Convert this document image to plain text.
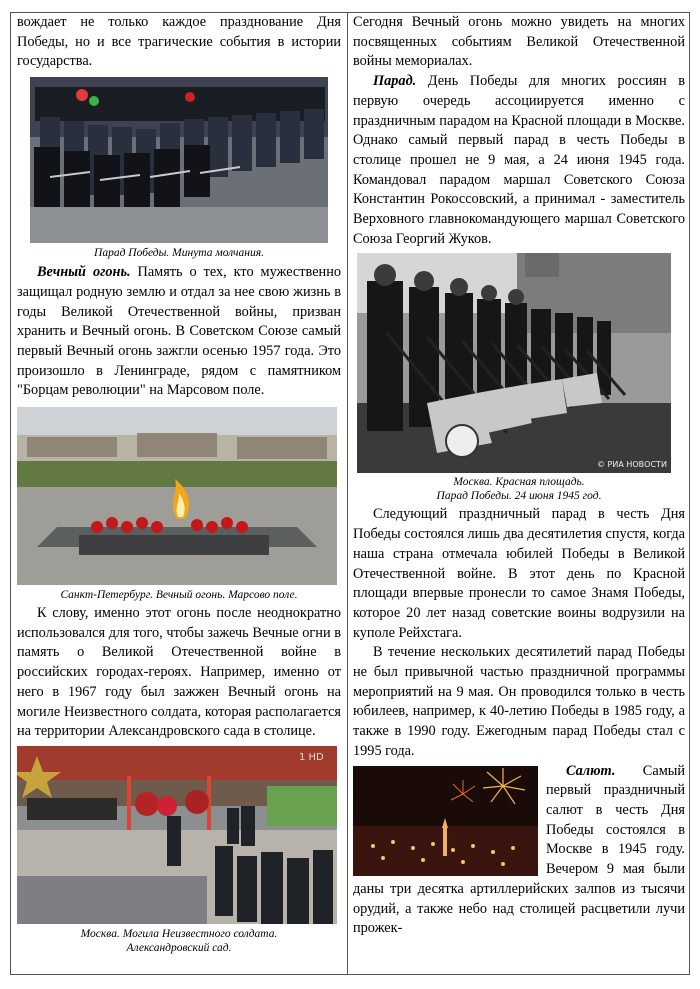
вождает не только каждое празднование Дня Победы, но и все трагические события в истории государства.

Парад Победы. Минута молчания.

Вечный огонь. Память о тех, кто мужественно защищал родную землю и отдал за нее свою жизнь в годы Великой Отечественной войны, призван хранить и Вечный огонь. В Советском Союзе самый первый Вечный огонь зажгли осенью 1957 года. Это произошло в Ленинграде, рядом с памятником "Борцам революции" на Марсовом поле.

Санкт-Петербург. Вечный огонь. Марсово поле.

К слову, именно этот огонь после неоднократно использовался для того, чтобы зажечь Вечные огни в память о Великой Отечественной войне в российских городах-героях. Например, именно от него в 1967 году был зажжен Вечный огонь на могиле Неизвестного солдата, которая располагается на территории Александровского сада в столице.

1 HD
Москва. Могила Неизвестного солдата.
Александровский сад.

Сегодня Вечный огонь можно увидеть на многих посвященных событиям Великой Отечественной войны мемориалах.

Парад. День Победы для многих россиян в первую очередь ассоциируется именно с праздничным парадом на Красной площади в Москве. Однако самый первый парад в честь Победы в столице прошел не 9 мая, а 24 июня 1945 года. Командовал парадом маршал Советского Союза Константин Рокоссовский, а принимал - заместитель Верховного главнокомандующего маршал Советского Союза Георгий Жуков.

© РИА НОВОСТИ
Москва. Красная площадь.
Парад Победы. 24 июня 1945 год.

Следующий праздничный парад в честь Дня Победы состоялся лишь два десятилетия спустя, когда наша страна отмечала юбилей Победы в Великой Отечественной войне. В этот день по Красной площади впервые пронесли то самое Знамя Победы, которое 20 лет назад советские воины водрузили на куполе Рейхстага.

В течение нескольких десятилетий парад Победы не был привычной частью праздничной программы мероприятий на 9 мая. Он проводился только в честь юбилеев, например, к 40-летию Победы в 1985 году, а также в 1990 году. Ежегодным парад Победы стал с 1995 года.

Салют. Самый первый праздничный салют в честь Дня Победы состоялся в Москве в 1945 году. Вечером 9 мая были даны три десятка артиллерийских залпов из тысячи орудий, а также небо над столицей расцветили лучи прожек-
